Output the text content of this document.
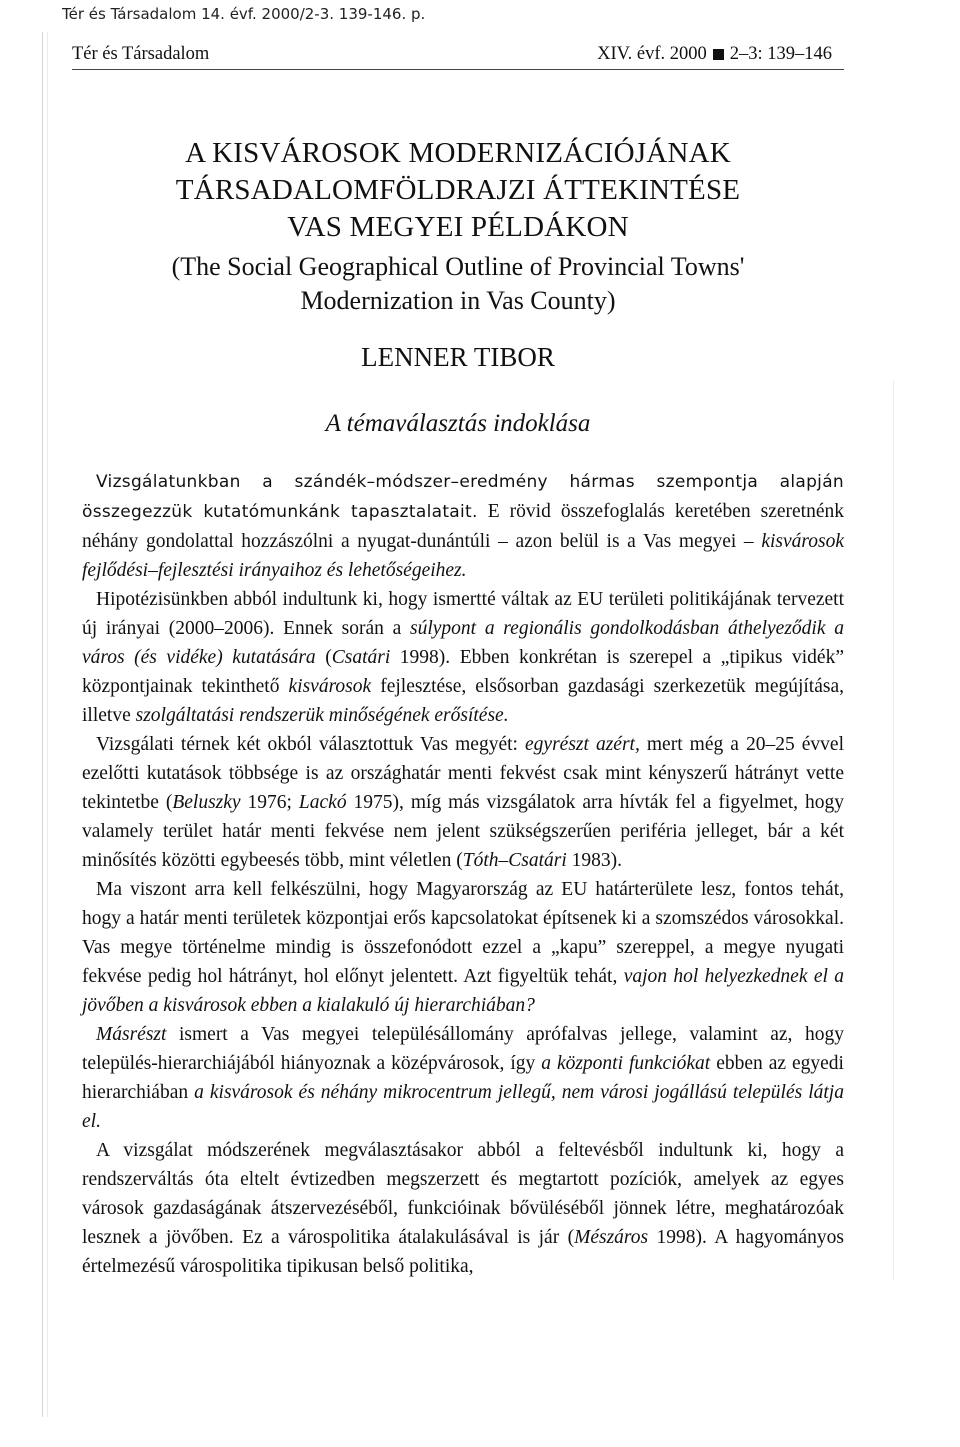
Tér és Társadalom 14. évf. 2000/2-3. 139-146. p.
Tér és Társadalom	XIV. évf. 2000 2–3: 139–146
A KISVÁROSOK MODERNIZÁCIÓJÁNAK
TÁRSADALOMFÖLDRAJZI ÁTTEKINTÉSE
VAS MEGYEI PÉLDÁKON
(The Social Geographical Outline of Provincial Towns'
Modernization in Vas County)
LENNER TIBOR
A témaválasztás indoklása

Vizsgálatunkban a szándék–módszer–eredmény hármas szempontja alapján összegezzük kutatómunkánk tapasztalatait. E rövid összefoglalás keretében szeretnénk néhány gondolattal hozzászólni a nyugat-dunántúli – azon belül is a Vas megyei – kisvárosok fejlődési–fejlesztési irányaihoz és lehetőségeihez.

Hipotézisünkben abból indultunk ki, hogy ismertté váltak az EU területi politikájának tervezett új irányai (2000–2006). Ennek során a súlypont a regionális gondolkodásban áthelyeződik a város (és vidéke) kutatására (Csatári 1998). Ebben konkrétan is szerepel a „tipikus vidék” központjainak tekinthető kisvárosok fejlesztése, elsősorban gazdasági szerkezetük megújítása, illetve szolgáltatási rendszerük minőségének erősítése.

Vizsgálati térnek két okból választottuk Vas megyét: egyrészt azért, mert még a 20–25 évvel ezelőtti kutatások többsége is az országhatár menti fekvést csak mint kényszerű hátrányt vette tekintetbe (Beluszky 1976; Lackó 1975), míg más vizsgálatok arra hívták fel a figyelmet, hogy valamely terület határ menti fekvése nem jelent szükségszerűen periféria jelleget, bár a két minősítés közötti egybeesés több, mint véletlen (Tóth–Csatári 1983).

Ma viszont arra kell felkészülni, hogy Magyarország az EU határterülete lesz, fontos tehát, hogy a határ menti területek központjai erős kapcsolatokat építsenek ki a szomszédos városokkal. Vas megye történelme mindig is összefonódott ezzel a „kapu” szereppel, a megye nyugati fekvése pedig hol hátrányt, hol előnyt jelentett. Azt figyeltük tehát, vajon hol helyezkednek el a jövőben a kisvárosok ebben a kialakuló új hierarchiában?

Másrészt ismert a Vas megyei településállomány aprófalvas jellege, valamint az, hogy település-hierarchiájából hiányoznak a középvárosok, így a központi funkciókat ebben az egyedi hierarchiában a kisvárosok és néhány mikrocentrum jellegű, nem városi jogállású település látja el.

A vizsgálat módszerének megválasztásakor abból a feltevésből indultunk ki, hogy a rendszerváltás óta eltelt évtizedben megszerzett és megtartott pozíciók, amelyek az egyes városok gazdaságának átszervezéséből, funkcióinak bővüléséből jönnek létre, meghatározóak lesznek a jövőben. Ez a várospolitika átalakulásával is jár (Mészáros 1998). A hagyományos értelmezésű várospolitika tipikusan belső politika,
